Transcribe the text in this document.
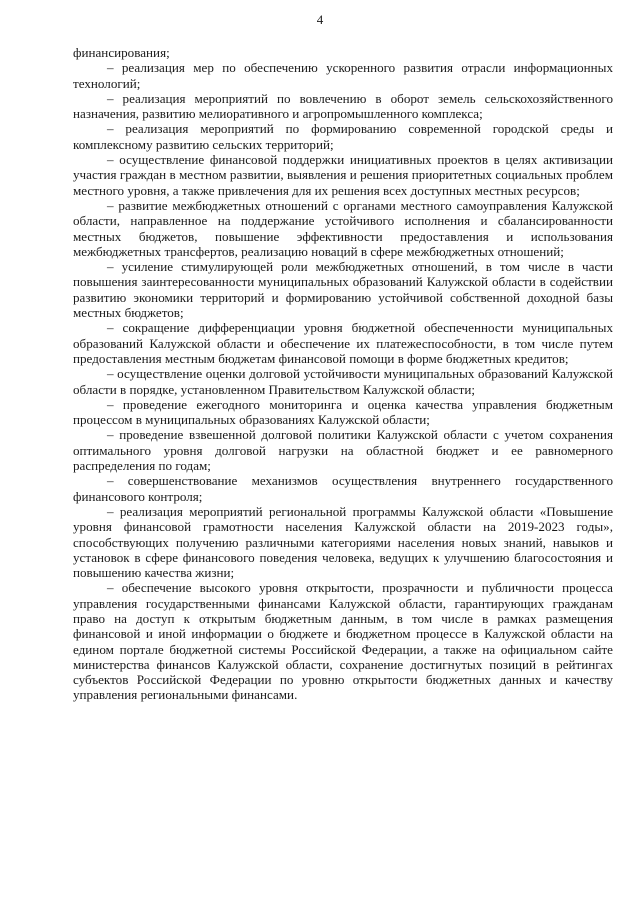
4

финансирования;

– реализация мер по обеспечению ускоренного развития отрасли информационных технологий;

– реализация мероприятий по вовлечению в оборот земель сельскохозяйственного назначения, развитию мелиоративного и агропромышленного комплекса;

– реализация мероприятий по формированию современной городской среды и комплексному развитию сельских территорий;

– осуществление финансовой поддержки инициативных проектов в целях активизации участия граждан в местном развитии, выявления и решения приоритетных социальных проблем местного уровня, а также привлечения для их решения всех доступных местных ресурсов;

– развитие межбюджетных отношений с органами местного самоуправления Калужской области, направленное на поддержание устойчивого исполнения и сбалансированности местных бюджетов, повышение эффективности предоставления и использования межбюджетных трансфертов, реализацию новаций в сфере межбюджетных отношений;

– усиление стимулирующей роли межбюджетных отношений, в том числе в части повышения заинтересованности муниципальных образований Калужской области в содействии развитию экономики территорий и формированию устойчивой собственной доходной базы местных бюджетов;

– сокращение дифференциации уровня бюджетной обеспеченности муниципальных образований Калужской области и обеспечение их платежеспособности, в том числе путем предоставления местным бюджетам финансовой помощи в форме бюджетных кредитов;

– осуществление оценки долговой устойчивости муниципальных образований Калужской области в порядке, установленном Правительством Калужской области;

– проведение ежегодного мониторинга и оценка качества управления бюджетным процессом в муниципальных образованиях Калужской области;

– проведение взвешенной долговой политики Калужской области с учетом сохранения оптимального уровня долговой нагрузки на областной бюджет и ее равномерного распределения по годам;

– совершенствование механизмов осуществления внутреннего государственного финансового контроля;

– реализация мероприятий региональной программы Калужской области «Повышение уровня финансовой грамотности населения Калужской области на 2019-2023 годы», способствующих получению различными категориями населения новых знаний, навыков и установок в сфере финансового поведения человека, ведущих к улучшению благосостояния и повышению качества жизни;

– обеспечение высокого уровня открытости, прозрачности и публичности процесса управления государственными финансами Калужской области, гарантирующих гражданам право на доступ к открытым бюджетным данным, в том числе в рамках размещения финансовой и иной информации о бюджете и бюджетном процессе в Калужской области на едином портале бюджетной системы Российской Федерации, а также на официальном сайте министерства финансов Калужской области, сохранение достигнутых позиций в рейтингах субъектов Российской Федерации по уровню открытости бюджетных данных и качеству управления региональными финансами.
